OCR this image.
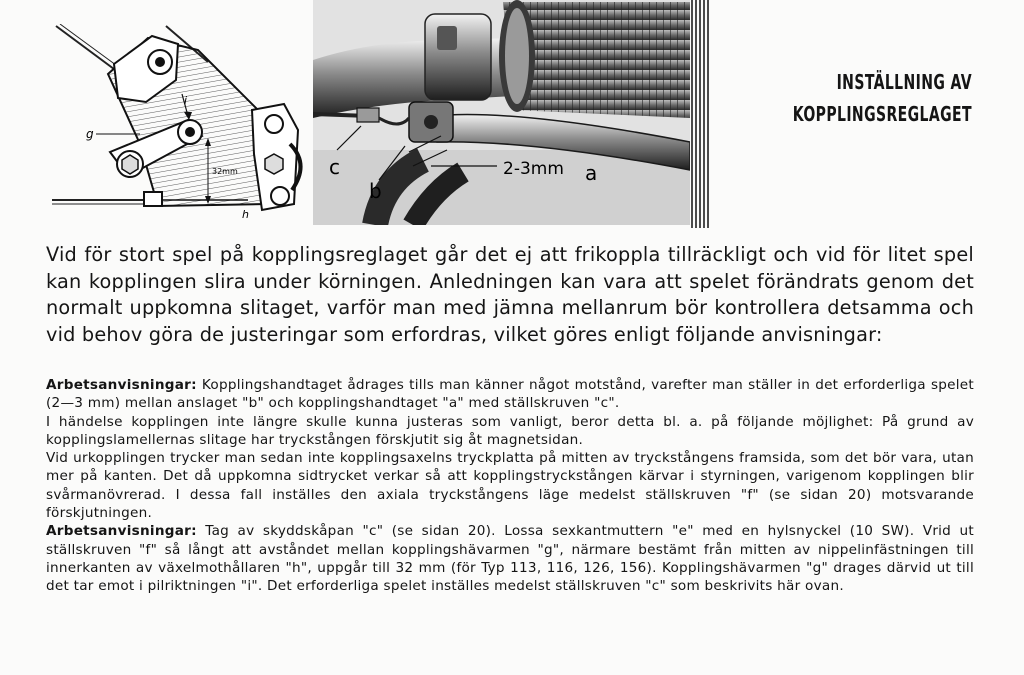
g
i
32mm
h
c
b
2-3mm a
INSTÄLLNING AV
KOPPLINGSREGLAGET
Vid för stort spel på kopplingsreglaget går det ej att frikoppla tillräckligt och vid för litet spel kan kopplingen slira under körningen. Anledningen kan vara att spelet förändrats genom det normalt uppkomna slitaget, varför man med jämna mellanrum bör kontrollera detsamma och vid behov göra de justeringar som erfordras, vilket göres enligt följande anvisningar:

Arbetsanvisningar: Kopplingshandtaget ådrages tills man känner något motstånd, varefter man ställer in det erforderliga spelet (2—3 mm) mellan anslaget "b" och kopplingshandtaget "a" med ställskruven "c".

I händelse kopplingen inte längre skulle kunna justeras som vanligt, beror detta bl. a. på följande möjlighet: På grund av kopplingslamellernas slitage har tryckstången förskjutit sig åt magnetsidan.

Vid urkopplingen trycker man sedan inte kopplingsaxelns tryckplatta på mitten av tryckstångens framsida, som det bör vara, utan mer på kanten. Det då uppkomna sidtrycket verkar så att kopplingstryckstången kärvar i styrningen, varigenom kopplingen blir svårmanövrerad. I dessa fall inställes den axiala tryckstångens läge medelst ställskruven "f" (se sidan 20) motsvarande förskjutningen.

Arbetsanvisningar: Tag av skyddskåpan "c" (se sidan 20). Lossa sexkantmuttern "e" med en hylsnyckel (10 SW). Vrid ut ställskruven "f" så långt att avståndet mellan kopplingshävarmen "g", närmare bestämt från mitten av nippelinfästningen till innerkanten av växelmothållaren "h", uppgår till 32 mm (för Typ 113, 116, 126, 156). Kopplingshävarmen "g" drages därvid ut till det tar emot i pilriktningen "i". Det erforderliga spelet inställes medelst ställskruven "c" som beskrivits här ovan.
